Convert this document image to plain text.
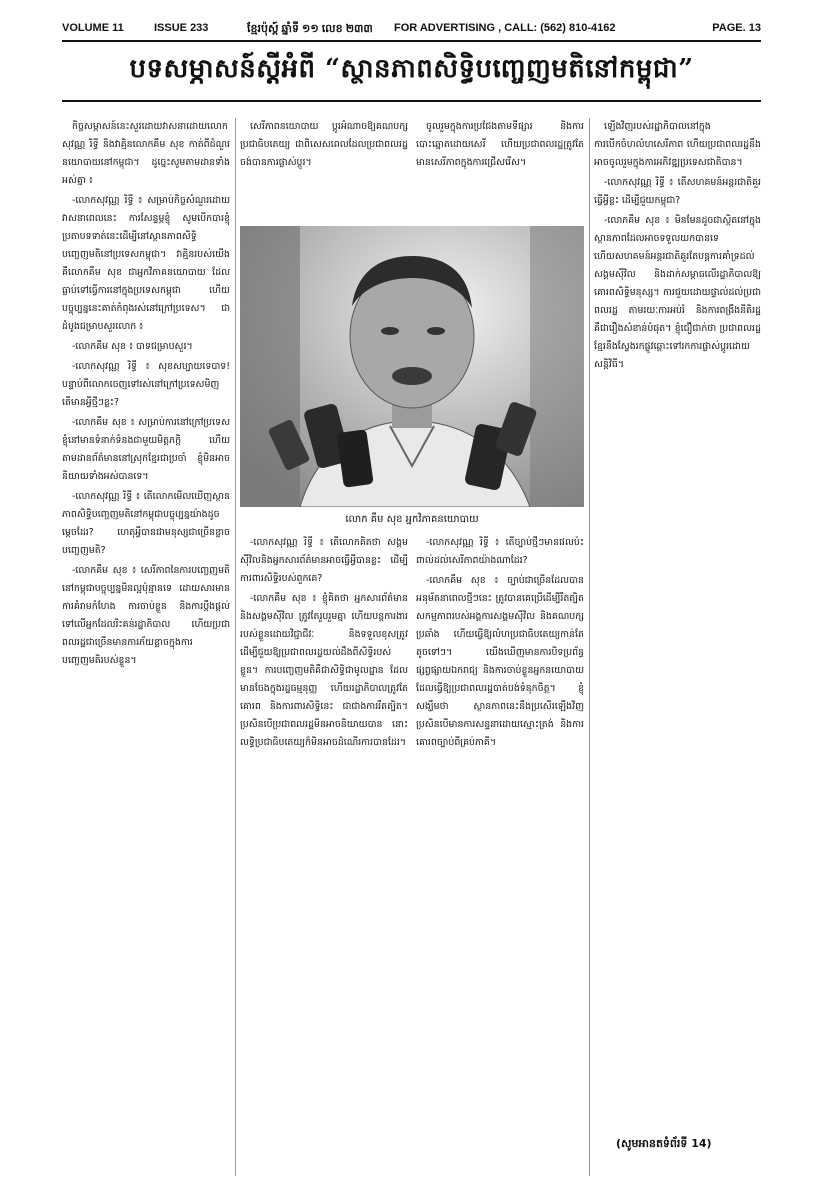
VOLUME 11	ISSUE 233	ខ្មែរប៉ុស្ដ៍ ឆ្នាំទី ១១ លេខ ២៣៣ FOR ADVERTISING , CALL: (562) 810-4162	PAGE. 13
បទសម្ភាសន៍ស្ដីអំពី “ស្ថានភាពសិទ្ធិបញ្ចេញមតិនៅកម្ពុជា”

កិច្ចសម្ភាសន៍នេះសួរដោយវាសនាដោយលោកសុវណ្ណ រិទ្ធី និងវាគ្មិនលោកគឹម សុខ កាត់ពីដំណួរនយោបាយនៅកម្ពុជា។ ដូច្នេះសូមតាមដានទាំងអស់គ្នា ៖

-លោកសុវណ្ណ រិទ្ធី ៖ សម្រាប់កិច្ចសំណួរដោយវាសនាពេលនេះ ការសែន្ទម្ភខ្ញុំ សូមបើកបារខ្ញុំប្រតាបទទាត់នេះដើម្បីនៅស្ថានភាពសិទ្ធិបញ្ចេញមតិនៅប្រទេសកម្ពុជា។ វាគ្មិនរបស់យើង គឺលោកគឹម សុខ ជាអ្នកវិភាគនយោបាយ ដែលធ្លាប់ទៅធ្វើការនៅក្នុងប្រទេសកម្ពុជា ហើយបច្ចុប្បន្ននេះគាត់កំពុងរស់នៅក្រៅប្រទេស។ ជាដំបូងជម្រាបសួរលោក ៖

-លោកគឹម សុខ ៖ បាទជម្រាបសួរ។

-លោកសុវណ្ណ រិទ្ធី ៖ សុខសប្បាយទេបាទ! បន្ទាប់ពីលោកចេញទៅរស់នៅក្រៅប្រទេសមិញ តើមានអ្វីថ្មីៗខ្លះ?

-លោកគឹម សុខ ៖ សម្រាប់ការនៅក្រៅប្រទេស ខ្ញុំនៅមានទំនាក់ទំនងជាមួយមិត្តភក្តិ ហើយតាមដានព័ត៌មាននៅស្រុកខ្មែរជាប្រចាំ ខ្ញុំមិនអាចនិយាយទាំងអស់បានទេ។

-លោកសុវណ្ណ រិទ្ធី ៖ តើលោកមើលឃើញស្ថានភាពសិទ្ធិបញ្ចេញមតិនៅកម្ពុជាបច្ចុប្បន្នយ៉ាងដូចម្តេចដែរ? ហេតុអ្វីបានជាមនុស្សជាច្រើនខ្លាចបញ្ចេញមតិ?

-លោកគឹម សុខ ៖ សេរីភាពនៃការបញ្ចេញមតិនៅកម្ពុជាបច្ចុប្បន្នមិនល្អប៉ុន្មានទេ ដោយសារមានការគំរាមកំហែង ការចាប់ខ្លួន និងការប្តឹងផ្តល់ទៅលើអ្នកដែលរិះគន់រដ្ឋាភិបាល ហើយប្រជាពលរដ្ឋជាច្រើនមានការភ័យខ្លាចក្នុងការបញ្ចេញមតិរបស់ខ្លួន។

សេរីភាពនយោបាយ ប្តូរអំណាចឱ្យគណបក្សប្រជាធិបតេយ្យ ជាពិសេសពេលដែលប្រជាពលរដ្ឋចង់បានការផ្លាស់ប្តូរ។

-លោកសុវណ្ណ រិទ្ធី ៖ តើលោកគិតថា សង្គមស៊ីវិលនិងអ្នកសារព័ត៌មានអាចធ្វើអ្វីបានខ្លះ ដើម្បីការពារសិទ្ធិរបស់ពួកគេ?

-លោកគឹម សុខ ៖ ខ្ញុំគិតថា អ្នកសារព័ត៌មាននិងសង្គមស៊ីវិល ត្រូវតែរួបរួមគ្នា ហើយបន្តការងាររបស់ខ្លួនដោយវិជ្ជាជីវៈ និងទទួលខុសត្រូវ ដើម្បីជួយឱ្យប្រជាពលរដ្ឋយល់ដឹងពីសិទ្ធិរបស់ខ្លួន។ ការបញ្ចេញមតិគឺជាសិទ្ធិជាមូលដ្ឋាន ដែលមានចែងក្នុងរដ្ឋធម្មនុញ្ញ ហើយរដ្ឋាភិបាលត្រូវតែគោរព និងការពារសិទ្ធិនេះ ជាជាងការរឹតត្បិត។ ប្រសិនបើប្រជាពលរដ្ឋមិនអាចនិយាយបាន នោះលទ្ធិប្រជាធិបតេយ្យក៏មិនអាចដំណើរការបានដែរ។

ចូលរួមក្នុងការប្រជែងតាមទីផ្សារ និងការបោះឆ្នោតដោយសេរី ហើយប្រជាពលរដ្ឋត្រូវតែមានសេរីភាពក្នុងការជ្រើសរើស។

-លោកសុវណ្ណ រិទ្ធី ៖ តើច្បាប់ថ្មីៗមានផលប៉ះពាល់ដល់សេរីភាពយ៉ាងណាដែរ?

-លោកគឹម សុខ ៖ ច្បាប់ជាច្រើនដែលបានអនុម័តនាពេលថ្មីៗនេះ ត្រូវបានគេប្រើដើម្បីរឹតត្បិតសកម្មភាពរបស់អង្គការសង្គមស៊ីវិល និងគណបក្សប្រឆាំង ហើយធ្វើឱ្យលំហប្រជាធិបតេយ្យកាន់តែតូចទៅៗ។ យើងឃើញមានការបិទប្រព័ន្ធផ្សព្វផ្សាយឯករាជ្យ និងការចាប់ខ្លួនអ្នកនយោបាយ ដែលធ្វើឱ្យប្រជាពលរដ្ឋបាត់បង់ទំនុកចិត្ត។ ខ្ញុំសង្ឃឹមថា ស្ថានភាពនេះនឹងប្រសើរឡើងវិញ ប្រសិនបើមានការសន្ទនាដោយស្មោះត្រង់ និងការគោរពច្បាប់ពីគ្រប់ភាគី។

ឡើងវិញរបស់រដ្ឋាភិបាលនៅក្នុងការបើកចំហលំហសេរីភាព ហើយប្រជាពលរដ្ឋនឹងអាចចូលរួមក្នុងការអភិវឌ្ឍប្រទេសជាតិបាន។

-លោកសុវណ្ណ រិទ្ធី ៖ តើសហគមន៍អន្តរជាតិគួរធ្វើអ្វីខ្លះ ដើម្បីជួយកម្ពុជា?

-លោកគឹម សុខ ៖ មិនមែនដូចជាស្ថិតនៅក្នុងស្ថានភាពដែលអាចទទួលយកបានទេ ហើយសហគមន៍អន្តរជាតិគួរតែបន្តការគាំទ្រដល់សង្គមស៊ីវិល និងដាក់សម្ពាធលើរដ្ឋាភិបាលឱ្យគោរពសិទ្ធិមនុស្ស។ ការជួយដោយផ្ទាល់ដល់ប្រជាពលរដ្ឋ តាមរយៈការអប់រំ និងការពង្រឹងនីតិរដ្ឋ គឺជារឿងសំខាន់បំផុត។ ខ្ញុំជឿជាក់ថា ប្រជាពលរដ្ឋខ្មែរនឹងស្វែងរកផ្លូវឆ្ពោះទៅរកការផ្លាស់ប្តូរដោយសន្តិវិធី។

លោក គឹម សុខ អ្នកវិភាគនយោបាយ
(សូមអានតទំព័រទី 14)
